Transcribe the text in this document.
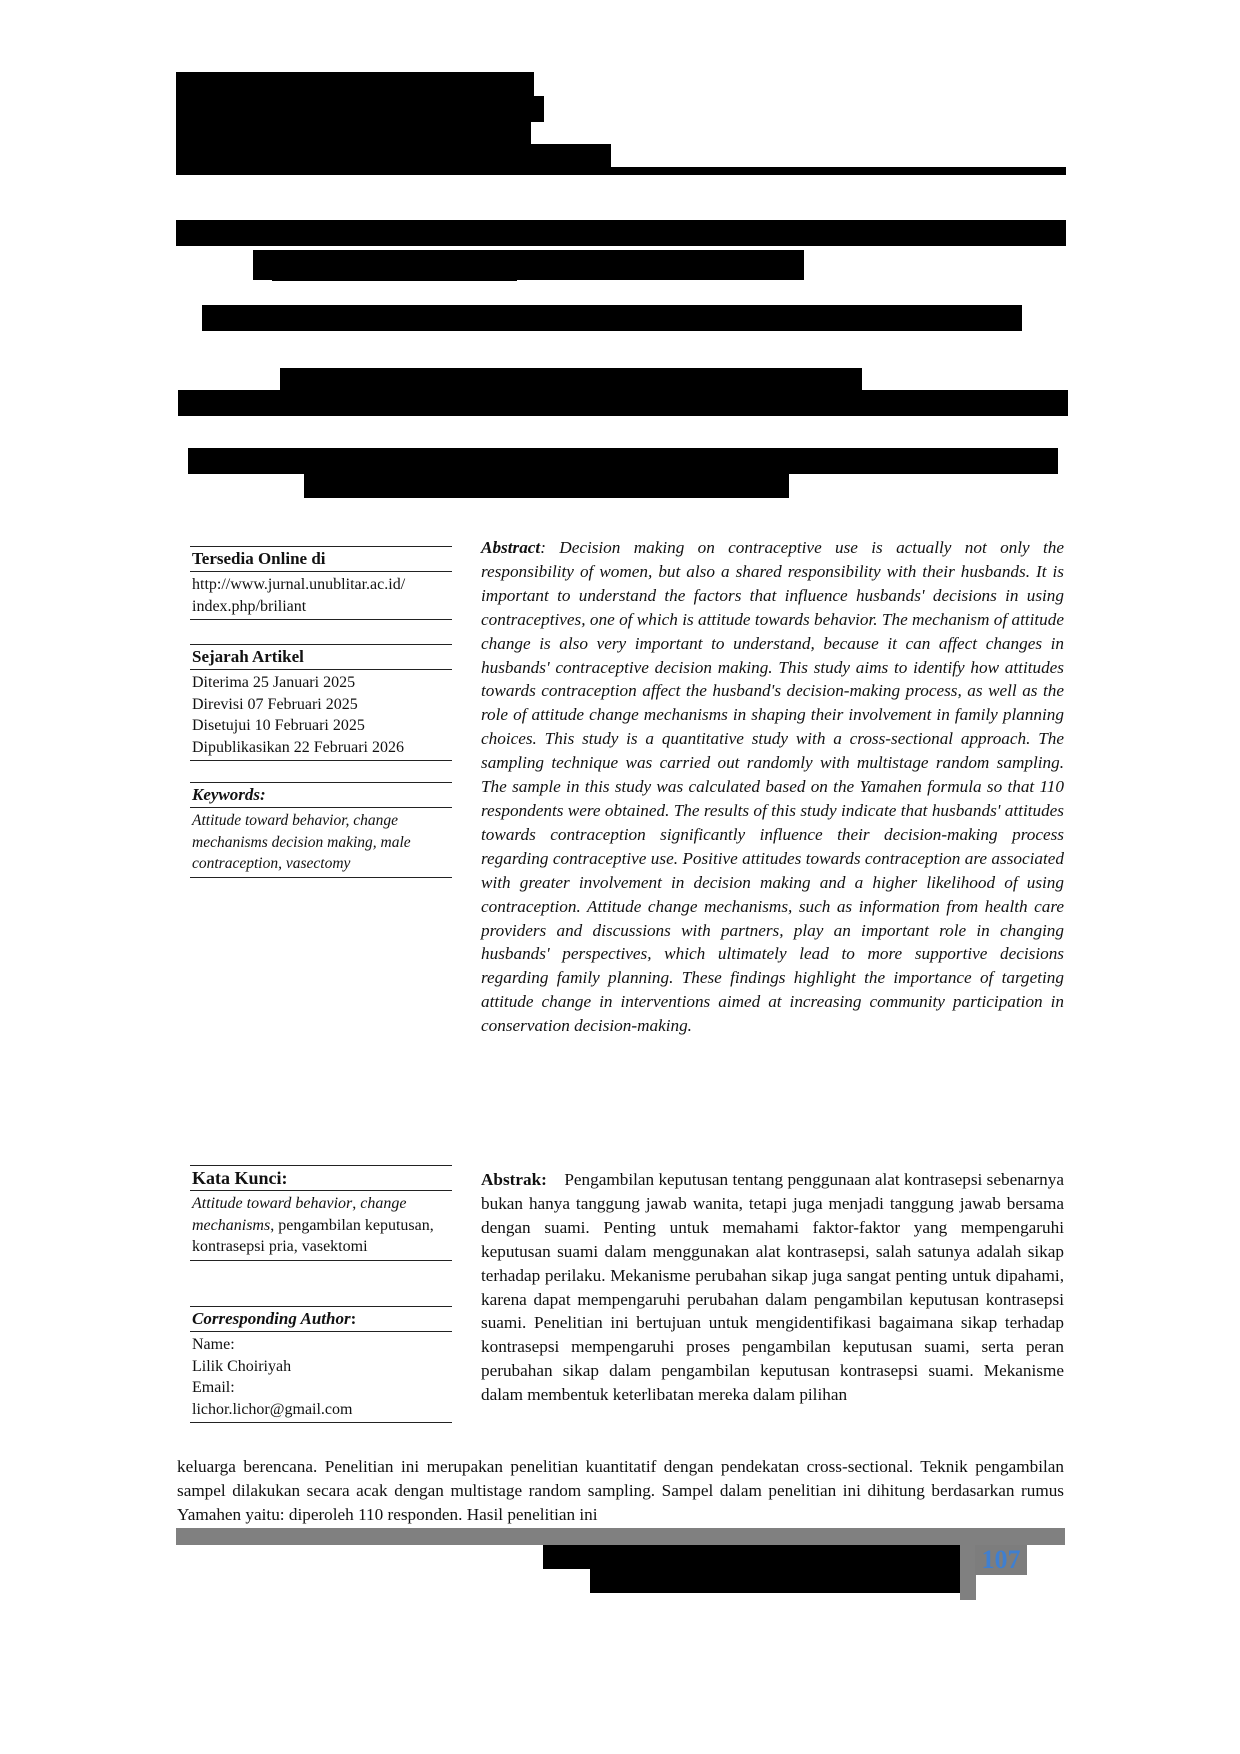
Tersedia Online di
http://www.jurnal.unublitar.ac.id/
index.php/briliant
Sejarah Artikel
Diterima 25 Januari 2025
Direvisi 07 Februari 2025
Disetujui 10 Februari 2025
Dipublikasikan 22 Februari 2026
Keywords:
Attitude toward behavior, change mechanisms decision making, male contraception, vasectomy
Kata Kunci:
Attitude toward behavior, change mechanisms, pengambilan keputusan, kontrasepsi pria, vasektomi
Corresponding Author:
Name:
Lilik Choiriyah
Email:
lichor.lichor@gmail.com
Abstract: Decision making on contraceptive use is actually not only the responsibility of women, but also a shared responsibility with their husbands. It is important to understand the factors that influence husbands' decisions in using contraceptives, one of which is attitude towards behavior. The mechanism of attitude change is also very important to understand, because it can affect changes in husbands' contraceptive decision making. This study aims to identify how attitudes towards contraception affect the husband's decision-making process, as well as the role of attitude change mechanisms in shaping their involvement in family planning choices. This study is a quantitative study with a cross-sectional approach. The sampling technique was carried out randomly with multistage random sampling. The sample in this study was calculated based on the Yamahen formula so that 110 respondents were obtained. The results of this study indicate that husbands' attitudes towards contraception significantly influence their decision-making process regarding contraceptive use. Positive attitudes towards contraception are associated with greater involvement in decision making and a higher likelihood of using contraception. Attitude change mechanisms, such as information from health care providers and discussions with partners, play an important role in changing husbands' perspectives, which ultimately lead to more supportive decisions regarding family planning. These findings highlight the importance of targeting attitude change in interventions aimed at increasing community participation in conservation decision-making.
Abstrak: Pengambilan keputusan tentang penggunaan alat kontrasepsi sebenarnya bukan hanya tanggung jawab wanita, tetapi juga menjadi tanggung jawab bersama dengan suami. Penting untuk memahami faktor-faktor yang mempengaruhi keputusan suami dalam menggunakan alat kontrasepsi, salah satunya adalah sikap terhadap perilaku. Mekanisme perubahan sikap juga sangat penting untuk dipahami, karena dapat mempengaruhi perubahan dalam pengambilan keputusan kontrasepsi suami. Penelitian ini bertujuan untuk mengidentifikasi bagaimana sikap terhadap kontrasepsi mempengaruhi proses pengambilan keputusan suami, serta peran perubahan sikap dalam pengambilan keputusan kontrasepsi suami. Mekanisme dalam membentuk keterlibatan mereka dalam pilihan
keluarga berencana. Penelitian ini merupakan penelitian kuantitatif dengan pendekatan cross-sectional. Teknik pengambilan sampel dilakukan secara acak dengan multistage random sampling. Sampel dalam penelitian ini dihitung berdasarkan rumus Yamahen yaitu: diperoleh 110 responden. Hasil penelitian ini
107
